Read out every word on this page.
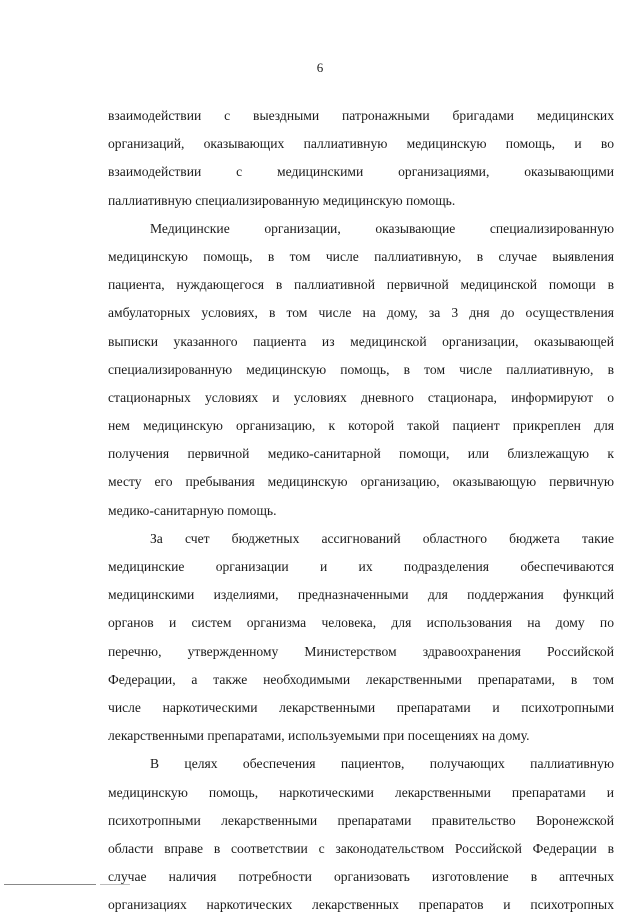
6
взаимодействии с выездными патронажными бригадами медицинских
организаций, оказывающих паллиативную медицинскую помощь, и во
взаимодействии с медицинскими организациями, оказывающими
паллиативную специализированную медицинскую помощь.
Медицинские организации, оказывающие специализированную
медицинскую помощь, в том числе паллиативную, в случае выявления
пациента, нуждающегося в паллиативной первичной медицинской помощи в
амбулаторных условиях, в том числе на дому, за 3 дня до осуществления
выписки указанного пациента из медицинской организации, оказывающей
специализированную медицинскую помощь, в том числе паллиативную, в
стационарных условиях и условиях дневного стационара, информируют о
нем медицинскую организацию, к которой такой пациент прикреплен для
получения первичной медико-санитарной помощи, или близлежащую к
месту его пребывания медицинскую организацию, оказывающую первичную
медико-санитарную помощь.
За счет бюджетных ассигнований областного бюджета такие
медицинские организации и их подразделения обеспечиваются
медицинскими изделиями, предназначенными для поддержания функций
органов и систем организма человека, для использования на дому по
перечню, утвержденному Министерством здравоохранения Российской
Федерации, а также необходимыми лекарственными препаратами, в том
числе наркотическими лекарственными препаратами и психотропными
лекарственными препаратами, используемыми при посещениях на дому.
В целях обеспечения пациентов, получающих паллиативную
медицинскую помощь, наркотическими лекарственными препаратами и
психотропными лекарственными препаратами правительство Воронежской
области вправе в соответствии с законодательством Российской Федерации в
случае наличия потребности организовать изготовление в аптечных
организациях наркотических лекарственных препаратов и психотропных
